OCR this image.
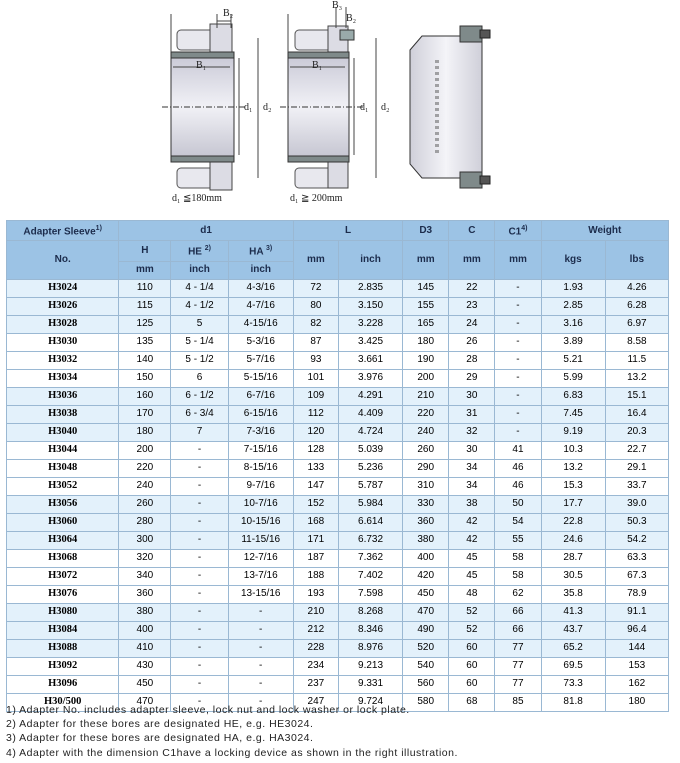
B₂
B₁
d₁ d₂
d₁ ≦180mm
B₃
B₂
B₁
d₁ d₂
d₁ ≧ 200mm
Adapter Sleeve$^{1)}$	d1			L		D3	C	C1$^{4)}$	Weight	
No.	H	HE $^{2)}$	HA $^{3)}$	mm	inch	mm	mm	mm	kgs	lbs
	mm	inch	inch							
H3024	110	4 - 1/4	4-3/16	72	2.835	145	22	-	1.93	4.26
H3026	115	4 - 1/2	4-7/16	80	3.150	155	23	-	2.85	6.28
H3028	125	5	4-15/16	82	3.228	165	24	-	3.16	6.97
H3030	135	5 - 1/4	5-3/16	87	3.425	180	26	-	3.89	8.58
H3032	140	5 - 1/2	5-7/16	93	3.661	190	28	-	5.21	11.5
H3034	150	6	5-15/16	101	3.976	200	29	-	5.99	13.2
H3036	160	6 - 1/2	6-7/16	109	4.291	210	30	-	6.83	15.1
H3038	170	6 - 3/4	6-15/16	112	4.409	220	31	-	7.45	16.4
H3040	180	7	7-3/16	120	4.724	240	32	-	9.19	20.3
H3044	200	-	7-15/16	128	5.039	260	30	41	10.3	22.7
H3048	220	-	8-15/16	133	5.236	290	34	46	13.2	29.1
H3052	240	-	9-7/16	147	5.787	310	34	46	15.3	33.7
H3056	260	-	10-7/16	152	5.984	330	38	50	17.7	39.0
H3060	280	-	10-15/16	168	6.614	360	42	54	22.8	50.3
H3064	300	-	11-15/16	171	6.732	380	42	55	24.6	54.2
H3068	320	-	12-7/16	187	7.362	400	45	58	28.7	63.3
H3072	340	-	13-7/16	188	7.402	420	45	58	30.5	67.3
H3076	360	-	13-15/16	193	7.598	450	48	62	35.8	78.9
H3080	380	-	-	210	8.268	470	52	66	41.3	91.1
H3084	400	-	-	212	8.346	490	52	66	43.7	96.4
H3088	410	-	-	228	8.976	520	60	77	65.2	144
H3092	430	-	-	234	9.213	540	60	77	69.5	153
H3096	450	-	-	237	9.331	560	60	77	73.3	162
H30/500	470	-	-	247	9.724	580	68	85	81.8	180
1) Adapter No. includes adapter sleeve, lock nut and lock washer or lock plate.
2) Adapter for these bores are designated HE, e.g. HE3024.
3) Adapter for these bores are designated HA, e.g. HA3024.
4) Adapter with the dimension C1have a locking device as shown in the right illustration.
